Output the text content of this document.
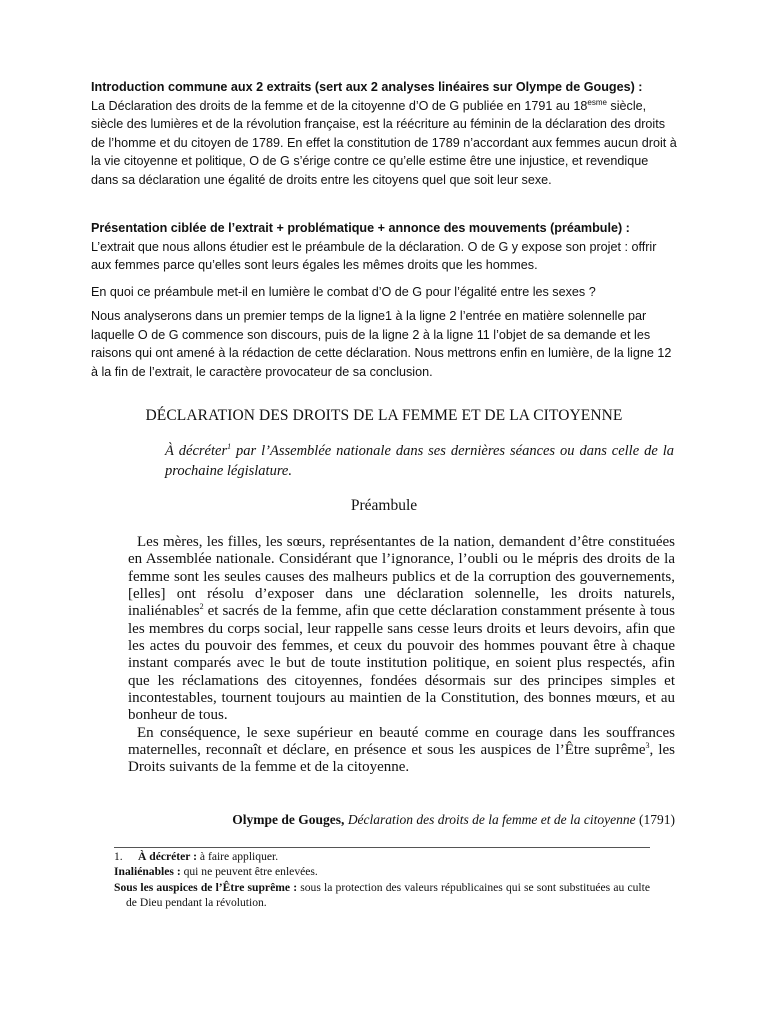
Introduction commune aux 2 extraits (sert aux 2 analyses linéaires sur Olympe de Gouges) :

La Déclaration des droits de la femme et de la citoyenne d’O de G publiée en 1791 au $18^{esme}$ siècle, siècle des lumières et de la révolution française, est la réécriture au féminin de la déclaration des droits de l’homme et du citoyen de 1789. En effet la constitution de 1789 n’accordant aux femmes aucun droit à la vie citoyenne et politique, O de G s’érige contre ce qu’elle estime être une injustice, et revendique dans sa déclaration une égalité de droits entre les citoyens quel que soit leur sexe.

Présentation ciblée de l’extrait + problématique + annonce des mouvements (préambule) :

L’extrait que nous allons étudier est le préambule de la déclaration. O de G y expose son projet : offrir aux femmes parce qu’elles sont leurs égales les mêmes droits que les hommes.

En quoi ce préambule met-il en lumière le combat d’O de G pour l’égalité entre les sexes ?

Nous analyserons dans un premier temps de la ligne1 à la ligne 2 l’entrée en matière solennelle par laquelle O de G commence son discours, puis de la ligne 2 à la ligne 11 l’objet de sa demande et les raisons qui ont amené à la rédaction de cette déclaration. Nous mettrons enfin en lumière, de la ligne 12 à la fin de l’extrait, le caractère provocateur de sa conclusion.

DÉCLARATION DES DROITS DE LA FEMME ET DE LA CITOYENNE

À décréter$^1$ par l’Assemblée nationale dans ses dernières séances ou dans celle de la prochaine législature.

Préambule

Les mères, les filles, les sœurs, représentantes de la nation, demandent d’être constituées en Assemblée nationale. Considérant que l’ignorance, l’oubli ou le mépris des droits de la femme sont les seules causes des malheurs publics et de la corruption des gouvernements, [elles] ont résolu d’exposer dans une déclaration solennelle, les droits naturels, inaliénables$^2$ et sacrés de la femme, afin que cette déclaration constamment présente à tous les membres du corps social, leur rappelle sans cesse leurs droits et leurs devoirs, afin que les actes du pouvoir des femmes, et ceux du pouvoir des hommes pouvant être à chaque instant comparés avec le but de toute institution politique, en soient plus respectés, afin que les réclamations des citoyennes, fondées désormais sur des principes simples et incontestables, tournent toujours au maintien de la Constitution, des bonnes mœurs, et au bonheur de tous.

En conséquence, le sexe supérieur en beauté comme en courage dans les souffrances maternelles, reconnaît et déclare, en présence et sous les auspices de l’Être suprême$^3$, les Droits suivants de la femme et de la citoyenne.

Olympe de Gouges, Déclaration des droits de la femme et de la citoyenne (1791)

1. À décréter : à faire appliquer.

Inaliénables : qui ne peuvent être enlevées.

Sous les auspices de l’Être suprême : sous la protection des valeurs républicaines qui se sont substituées au culte de Dieu pendant la révolution.
